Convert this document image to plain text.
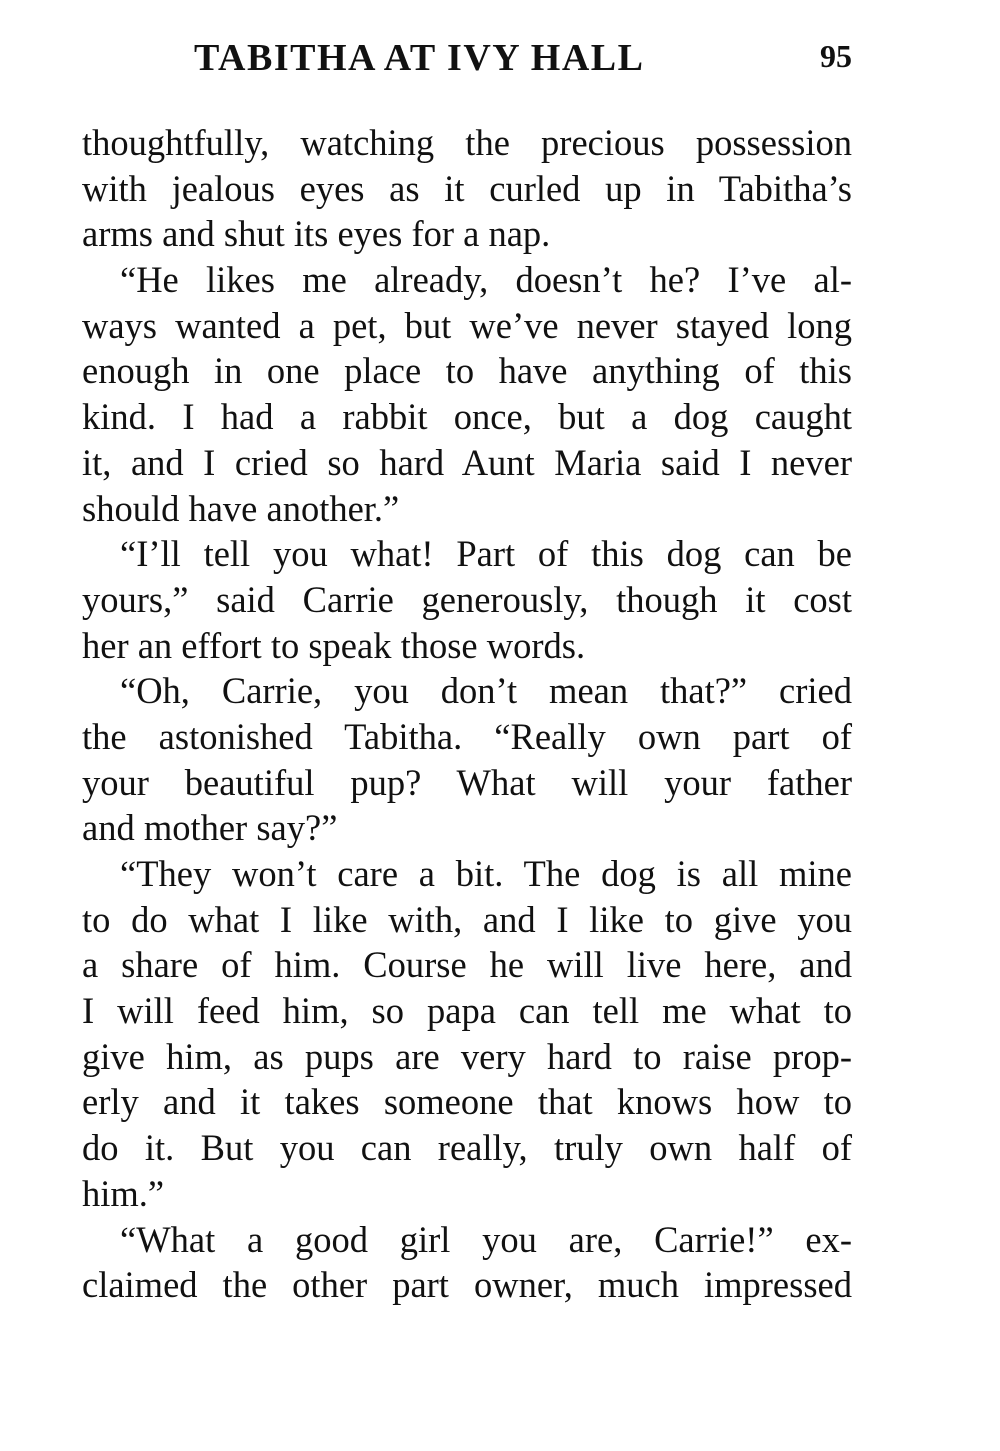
TABITHA AT IVY HALL	95
thoughtfully, watching the precious possession
with jealous eyes as it curled up in Tabitha’s
arms and shut its eyes for a nap.
“He likes me already, doesn’t he? I’ve al-
ways wanted a pet, but we’ve never stayed long
enough in one place to have anything of this
kind. I had a rabbit once, but a dog caught
it, and I cried so hard Aunt Maria said I never
should have another.”
“I’ll tell you what! Part of this dog can be
yours,” said Carrie generously, though it cost
her an effort to speak those words.
“Oh, Carrie, you don’t mean that?” cried
the astonished Tabitha. “Really own part of
your beautiful pup? What will your father
and mother say?”
“They won’t care a bit. The dog is all mine
to do what I like with, and I like to give you
a share of him. Course he will live here, and
I will feed him, so papa can tell me what to
give him, as pups are very hard to raise prop-
erly and it takes someone that knows how to
do it. But you can really, truly own half of
him.”
“What a good girl you are, Carrie!” ex-
claimed the other part owner, much impressed
